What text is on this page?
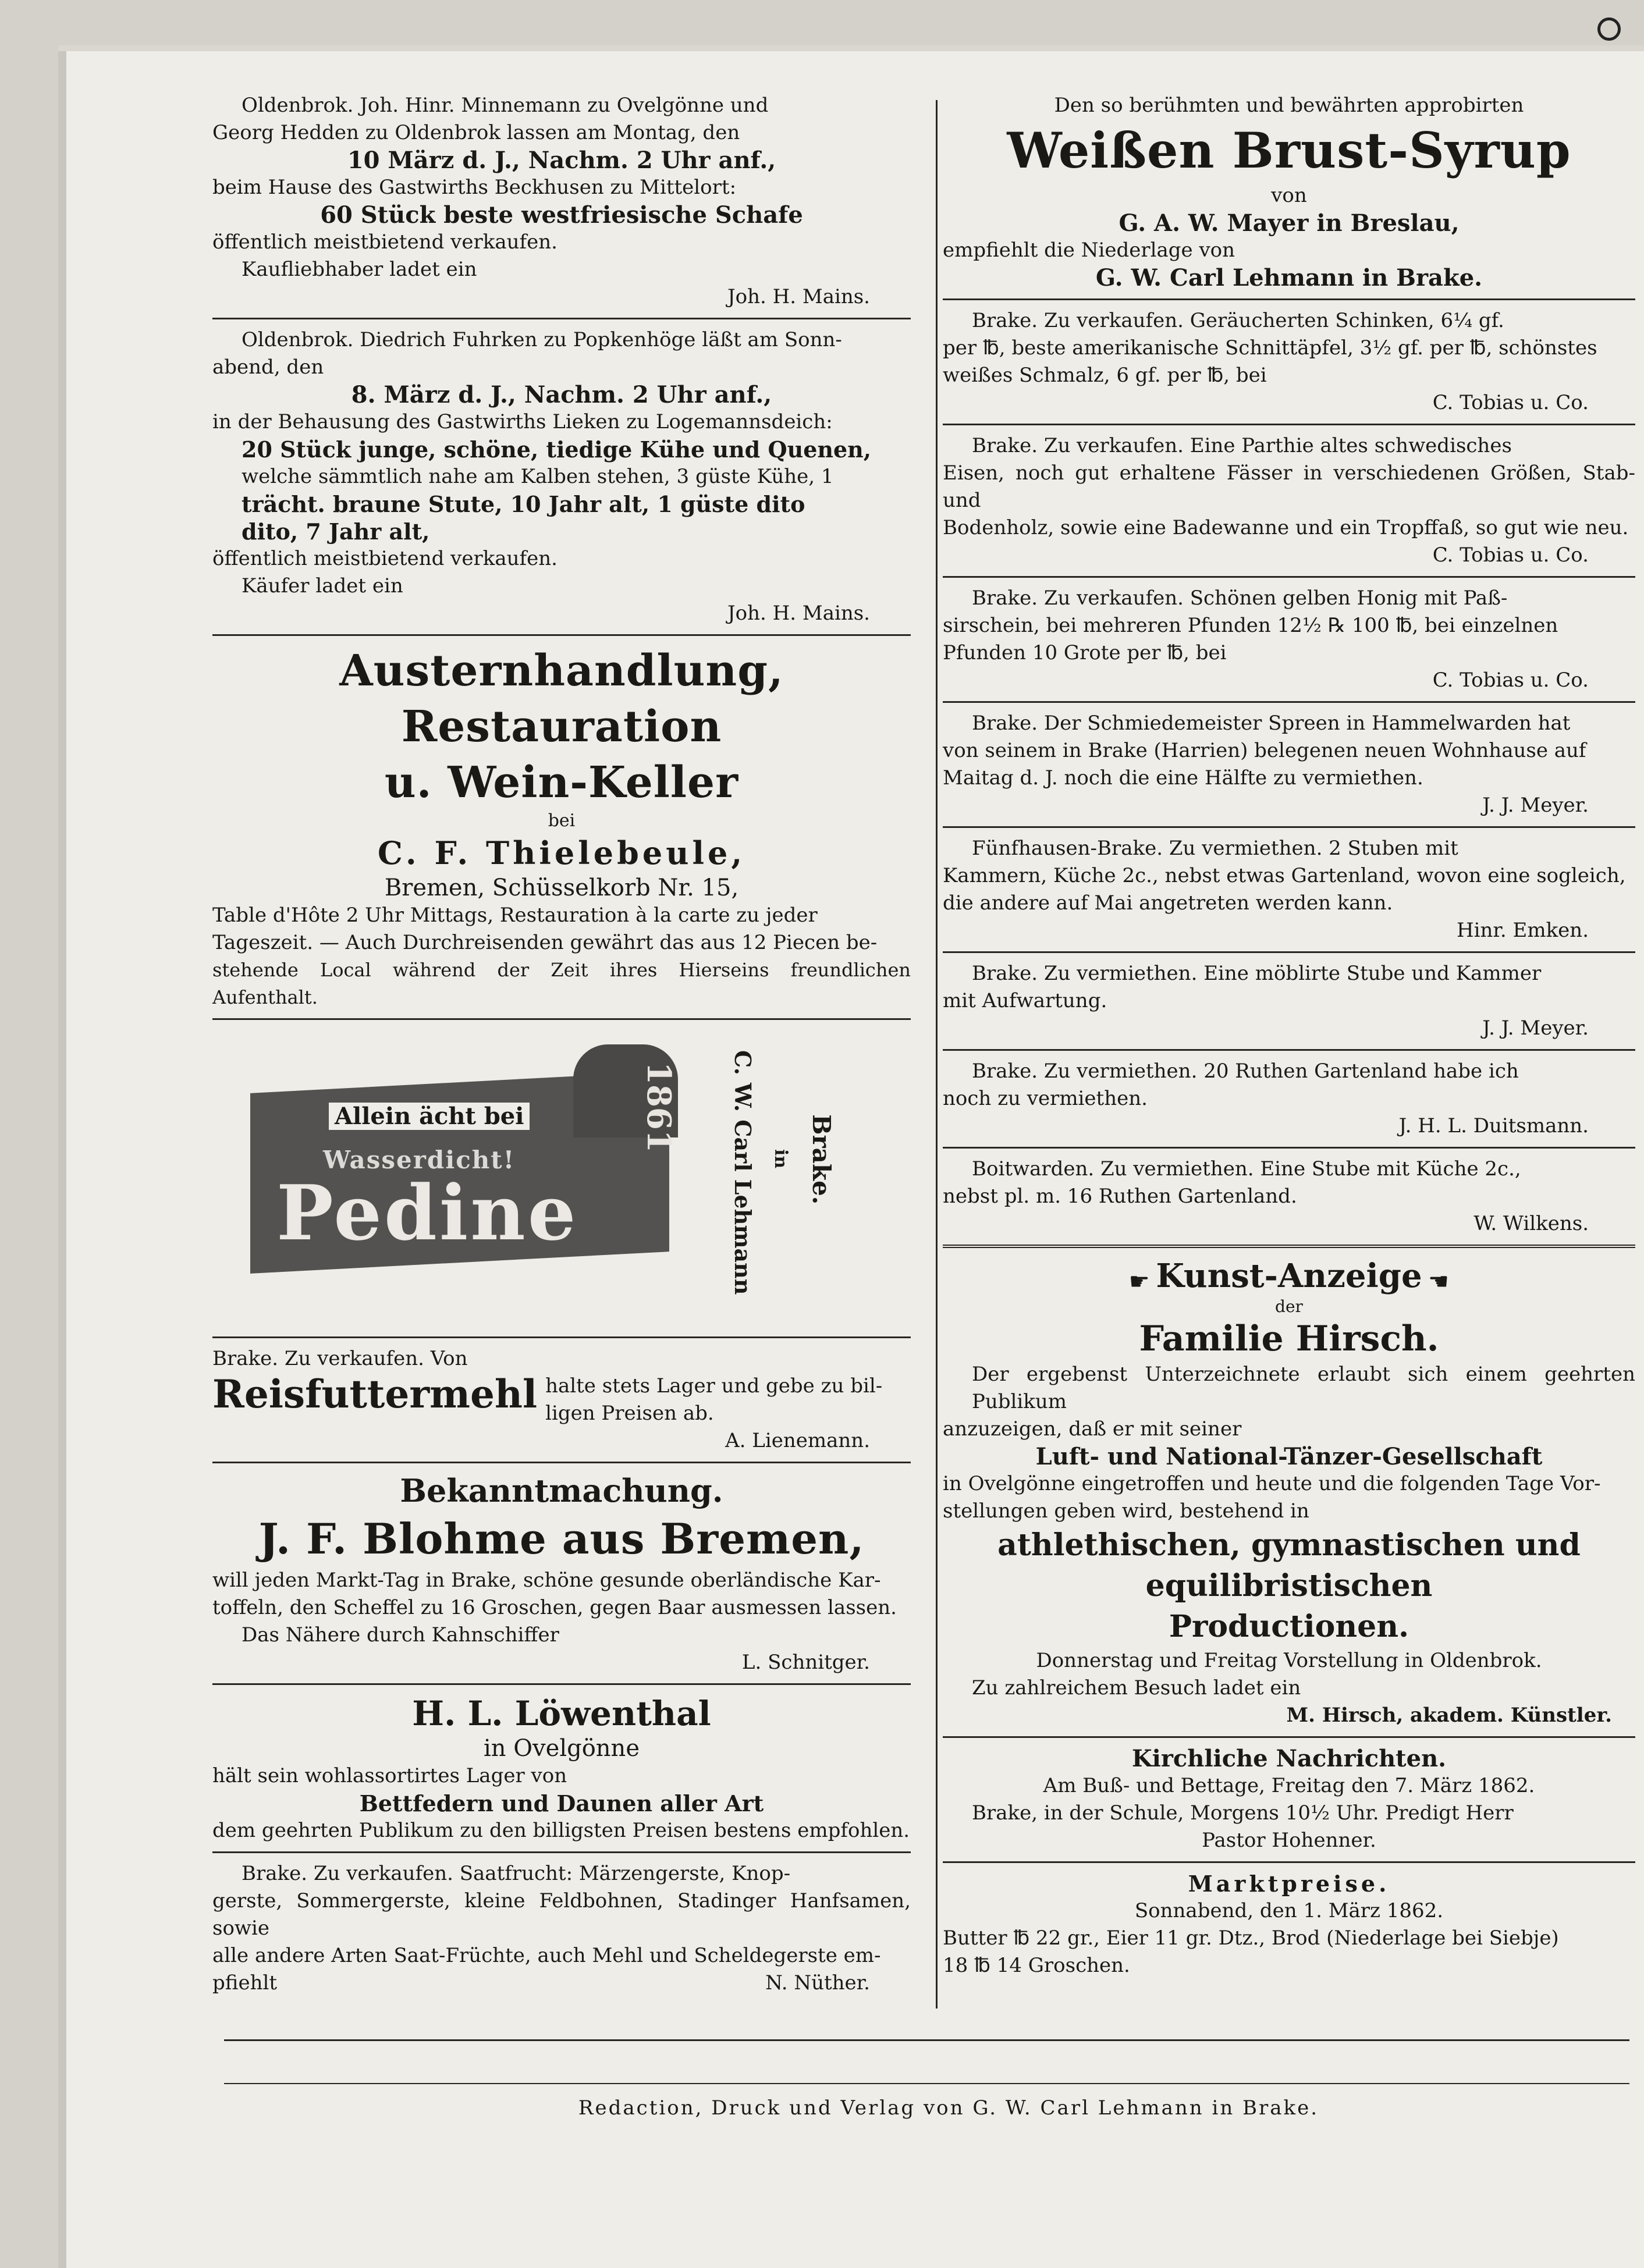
Oldenbrok. Joh. Hinr. Minnemann zu Ovelgönne und
Georg Hedden zu Oldenbrok lassen am Montag, den
10 März d. J., Nachm. 2 Uhr anf.,
beim Hause des Gastwirths Beckhusen zu Mittelort:
60 Stück beste westfriesische Schafe
öffentlich meistbietend verkaufen.
Kaufliebhaber ladet ein
Joh. H. Mains.
Oldenbrok. Diedrich Fuhrken zu Popkenhöge läßt am Sonn-
abend, den
8. März d. J., Nachm. 2 Uhr anf.,
in der Behausung des Gastwirths Lieken zu Logemannsdeich:
20 Stück junge, schöne, tiedige Kühe und Quenen,
welche sämmtlich nahe am Kalben stehen, 3 güste Kühe, 1
trächt. braune Stute, 10 Jahr alt, 1 güste dito
dito, 7 Jahr alt,
öffentlich meistbietend verkaufen.
Käufer ladet ein
Joh. H. Mains.
Austernhandlung, Restauration
u. Wein-Keller
bei
C. F. Thielebeule,
Bremen, Schüsselkorb Nr. 15,
Table d'Hôte 2 Uhr Mittags, Restauration à la carte zu jeder
Tageszeit. — Auch Durchreisenden gewährt das aus 12 Piecen be-
stehende Local während der Zeit ihres Hierseins freundlichen Aufenthalt.
Allein ächt bei
Wasserdicht!
Pedine
1861 C. W. Carl Lehmann in Brake.
Brake. Zu verkaufen. Von
Reisfuttermehl halte stets Lager und gebe zu bil-
ligen Preisen ab.
A. Lienemann.
Bekanntmachung.
J. F. Blohme aus Bremen,
will jeden Markt-Tag in Brake, schöne gesunde oberländische Kar-
toffeln, den Scheffel zu 16 Groschen, gegen Baar ausmessen lassen.
Das Nähere durch Kahnschiffer
L. Schnitger.
H. L. Löwenthal
in Ovelgönne
hält sein wohlassortirtes Lager von
Bettfedern und Daunen aller Art
dem geehrten Publikum zu den billigsten Preisen bestens empfohlen.
Brake. Zu verkaufen. Saatfrucht: Märzengerste, Knop-
gerste, Sommergerste, kleine Feldbohnen, Stadinger Hanfsamen, sowie
alle andere Arten Saat-Früchte, auch Mehl und Scheldegerste em-
pfiehlt	N. Nüther.
Den so berühmten und bewährten approbirten
Weißen Brust-Syrup
von
G. A. W. Mayer in Breslau,
empfiehlt die Niederlage von
G. W. Carl Lehmann in Brake.
Brake. Zu verkaufen. Geräucherten Schinken, 6¼ gf.
per ℔, beste amerikanische Schnittäpfel, 3½ gf. per ℔, schönstes
weißes Schmalz, 6 gf. per ℔, bei
C. Tobias u. Co.
Brake. Zu verkaufen. Eine Parthie altes schwedisches
Eisen, noch gut erhaltene Fässer in verschiedenen Größen, Stab- und
Bodenholz, sowie eine Badewanne und ein Tropffaß, so gut wie neu.
C. Tobias u. Co.
Brake. Zu verkaufen. Schönen gelben Honig mit Paß-
sirschein, bei mehreren Pfunden 12½ ℞ 100 ℔, bei einzelnen
Pfunden 10 Grote per ℔, bei
C. Tobias u. Co.
Brake. Der Schmiedemeister Spreen in Hammelwarden hat
von seinem in Brake (Harrien) belegenen neuen Wohnhause auf
Maitag d. J. noch die eine Hälfte zu vermiethen.
J. J. Meyer.
Fünfhausen-Brake. Zu vermiethen. 2 Stuben mit
Kammern, Küche 2c., nebst etwas Gartenland, wovon eine sogleich,
die andere auf Mai angetreten werden kann.
Hinr. Emken.
Brake. Zu vermiethen. Eine möblirte Stube und Kammer
mit Aufwartung.
J. J. Meyer.
Brake. Zu vermiethen. 20 Ruthen Gartenland habe ich
noch zu vermiethen.
J. H. L. Duitsmann.
Boitwarden. Zu vermiethen. Eine Stube mit Küche 2c.,
nebst pl. m. 16 Ruthen Gartenland.
W. Wilkens.
☛ Kunst-Anzeige ☛
der
Familie Hirsch.
Der ergebenst Unterzeichnete erlaubt sich einem geehrten Publikum
anzuzeigen, daß er mit seiner
Luft- und National-Tänzer-Gesellschaft
in Ovelgönne eingetroffen und heute und die folgenden Tage Vor-
stellungen geben wird, bestehend in
athlethischen, gymnastischen und equilibristischen
Productionen.
Donnerstag und Freitag Vorstellung in Oldenbrok.
Zu zahlreichem Besuch ladet ein
M. Hirsch, akadem. Künstler.
Kirchliche Nachrichten.
Am Buß- und Bettage, Freitag den 7. März 1862.
Brake, in der Schule, Morgens 10½ Uhr. Predigt Herr
Pastor Hohenner.
Marktpreise.
Sonnabend, den 1. März 1862.
Butter ℔ 22 gr., Eier 11 gr. Dtz., Brod (Niederlage bei Siebje)
18 ℔ 14 Groschen.
Redaction, Druck und Verlag von G. W. Carl Lehmann in Brake.
